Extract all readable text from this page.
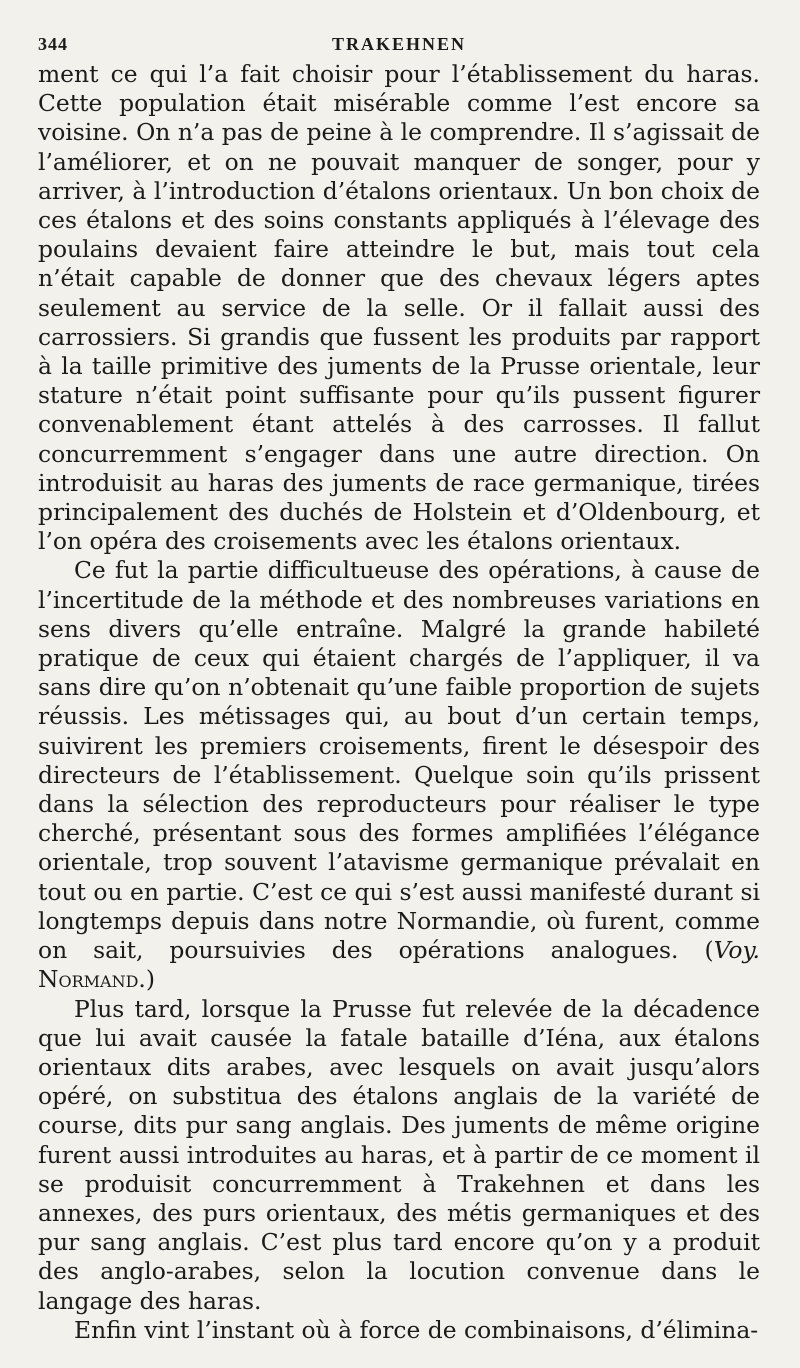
344	TRAKEHNEN

ment ce qui l’a fait choisir pour l’établissement du haras. Cette population était misérable comme l’est encore sa voisine. On n’a pas de peine à le comprendre. Il s’agissait de l’améliorer, et on ne pouvait manquer de songer, pour y arriver, à l’introduction d’étalons orientaux. Un bon choix de ces étalons et des soins constants appliqués à l’élevage des poulains devaient faire atteindre le but, mais tout cela n’était capable de donner que des chevaux légers aptes seulement au service de la selle. Or il fallait aussi des carrossiers. Si grandis que fussent les produits par rapport à la taille primitive des juments de la Prusse orientale, leur stature n’était point suffisante pour qu’ils pussent figurer convenablement étant attelés à des carrosses. Il fallut concurremment s’engager dans une autre direction. On introduisit au haras des juments de race germanique, tirées principalement des duchés de Holstein et d’Oldenbourg, et l’on opéra des croisements avec les étalons orientaux.

Ce fut la partie difficultueuse des opérations, à cause de l’incertitude de la méthode et des nombreuses variations en sens divers qu’elle entraîne. Malgré la grande habileté pratique de ceux qui étaient chargés de l’appliquer, il va sans dire qu’on n’obtenait qu’une faible proportion de sujets réussis. Les métissages qui, au bout d’un certain temps, suivirent les premiers croisements, firent le désespoir des directeurs de l’établissement. Quelque soin qu’ils prissent dans la sélection des reproducteurs pour réaliser le type cherché, présentant sous des formes amplifiées l’élégance orientale, trop souvent l’atavisme germanique prévalait en tout ou en partie. C’est ce qui s’est aussi manifesté durant si longtemps depuis dans notre Normandie, où furent, comme on sait, poursuivies des opérations analogues. (Voy. Normand.)

Plus tard, lorsque la Prusse fut relevée de la décadence que lui avait causée la fatale bataille d’Iéna, aux étalons orientaux dits arabes, avec lesquels on avait jusqu’alors opéré, on substitua des étalons anglais de la variété de course, dits pur sang anglais. Des juments de même origine furent aussi introduites au haras, et à partir de ce moment il se produisit concurremment à Trakehnen et dans les annexes, des purs orientaux, des métis germaniques et des pur sang anglais. C’est plus tard encore qu’on y a produit des anglo-arabes, selon la locution convenue dans le langage des haras.

Enfin vint l’instant où à force de combinaisons, d’élimina-
